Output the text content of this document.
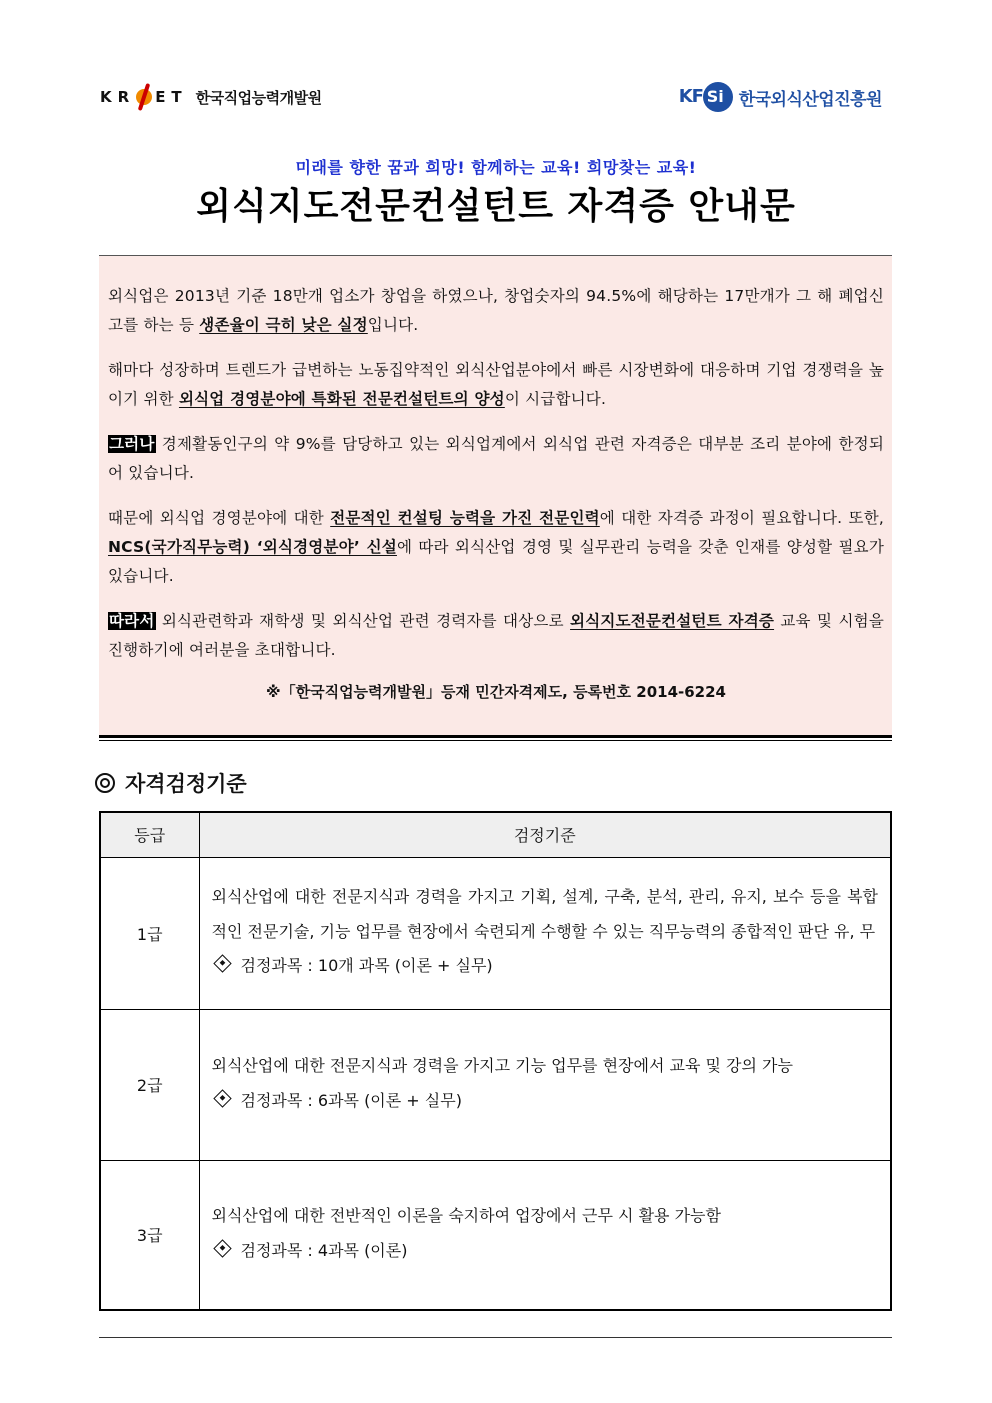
KR ET 한국직업능력개발원	KF Si 한국외식산업진흥원
미래를 향한 꿈과 희망! 함께하는 교육! 희망찾는 교육!
외식지도전문컨설턴트 자격증 안내문

외식업은 2013년 기준 18만개 업소가 창업을 하였으나, 창업숫자의 94.5%에 해당하는 17만개가 그 해 폐업신고를 하는 등 생존율이 극히 낮은 실정입니다.

해마다 성장하며 트렌드가 급변하는 노동집약적인 외식산업분야에서 빠른 시장변화에 대응하며 기업 경쟁력을 높이기 위한 외식업 경영분야에 특화된 전문컨설턴트의 양성이 시급합니다.

그러나 경제활동인구의 약 9%를 담당하고 있는 외식업계에서 외식업 관련 자격증은 대부분 조리 분야에 한정되어 있습니다.

때문에 외식업 경영분야에 대한 전문적인 컨설팅 능력을 가진 전문인력에 대한 자격증 과정이 필요합니다. 또한, NCS(국가직무능력) ‘외식경영분야’ 신설에 따라 외식산업 경영 및 실무관리 능력을 갖춘 인재를 양성할 필요가 있습니다.

따라서 외식관련학과 재학생 및 외식산업 관련 경력자를 대상으로 외식지도전문컨설턴트 자격증 교육 및 시험을 진행하기에 여러분을 초대합니다.

※「한국직업능력개발원」등재 민간자격제도, 등록번호 2014-6224

자격검정기준
등급	검정기준
1급	외식산업에 대한 전문지식과 경력을 가지고 기획, 설계, 구축, 분석, 관리, 유지, 보수 등을 복합적인 전문기술, 기능 업무를 현장에서 숙련되게 수행할 수 있는 직무능력의 종합적인 판단 유, 무
검정과목 : 10개 과목 (이론 + 실무)

2급	외식산업에 대한 전문지식과 경력을 가지고 기능 업무를 현장에서 교육 및 강의 가능
검정과목 : 6과목 (이론 + 실무)

3급	외식산업에 대한 전반적인 이론을 숙지하여 업장에서 근무 시 활용 가능함
검정과목 : 4과목 (이론)
